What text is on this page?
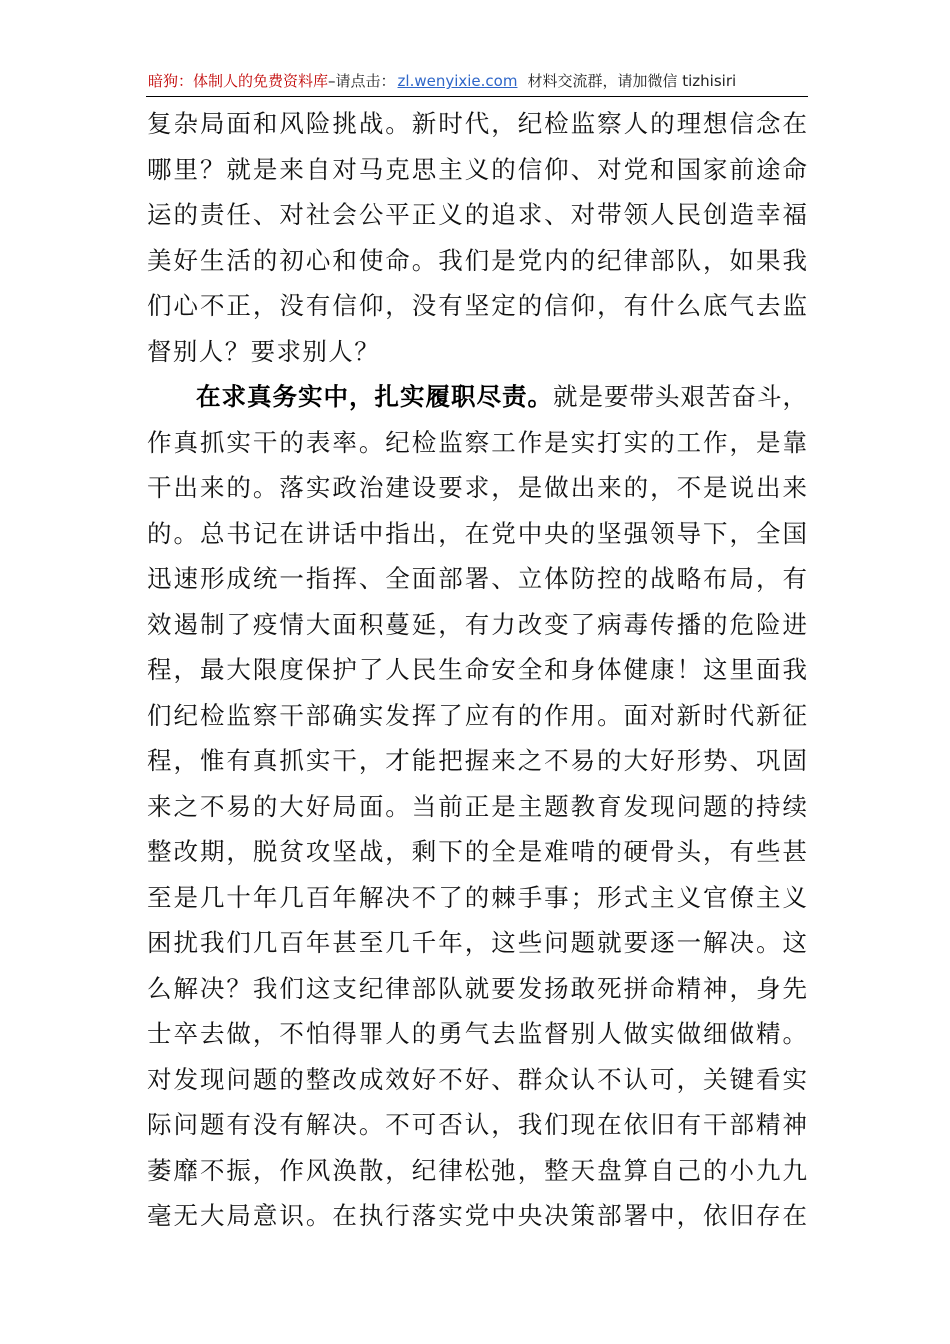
暗狗：体制人的免费资料库–请点击： zl.wenyixie.com 材料交流群，请加微信 tizhisiri
复杂局面和风险挑战。新时代，纪检监察人的理想信念在
哪里？就是来自对马克思主义的信仰、对党和国家前途命
运的责任、对社会公平正义的追求、对带领人民创造幸福
美好生活的初心和使命。我们是党内的纪律部队，如果我
们心不正，没有信仰，没有坚定的信仰，有什么底气去监
督别人？要求别人？
在求真务实中，扎实履职尽责。就是要带头艰苦奋斗，
作真抓实干的表率。纪检监察工作是实打实的工作，是靠
干出来的。落实政治建设要求，是做出来的，不是说出来
的。总书记在讲话中指出，在党中央的坚强领导下，全国
迅速形成统一指挥、全面部署、立体防控的战略布局，有
效遏制了疫情大面积蔓延，有力改变了病毒传播的危险进
程，最大限度保护了人民生命安全和身体健康！这里面我
们纪检监察干部确实发挥了应有的作用。面对新时代新征
程，惟有真抓实干，才能把握来之不易的大好形势、巩固
来之不易的大好局面。当前正是主题教育发现问题的持续
整改期，脱贫攻坚战，剩下的全是难啃的硬骨头，有些甚
至是几十年几百年解决不了的棘手事；形式主义官僚主义
困扰我们几百年甚至几千年，这些问题就要逐一解决。这
么解决？我们这支纪律部队就要发扬敢死拼命精神，身先
士卒去做，不怕得罪人的勇气去监督别人做实做细做精。
对发现问题的整改成效好不好、群众认不认可，关键看实
际问题有没有解决。不可否认，我们现在依旧有干部精神
萎靡不振，作风涣散，纪律松弛，整天盘算自己的小九九
毫无大局意识。在执行落实党中央决策部署中，依旧存在
